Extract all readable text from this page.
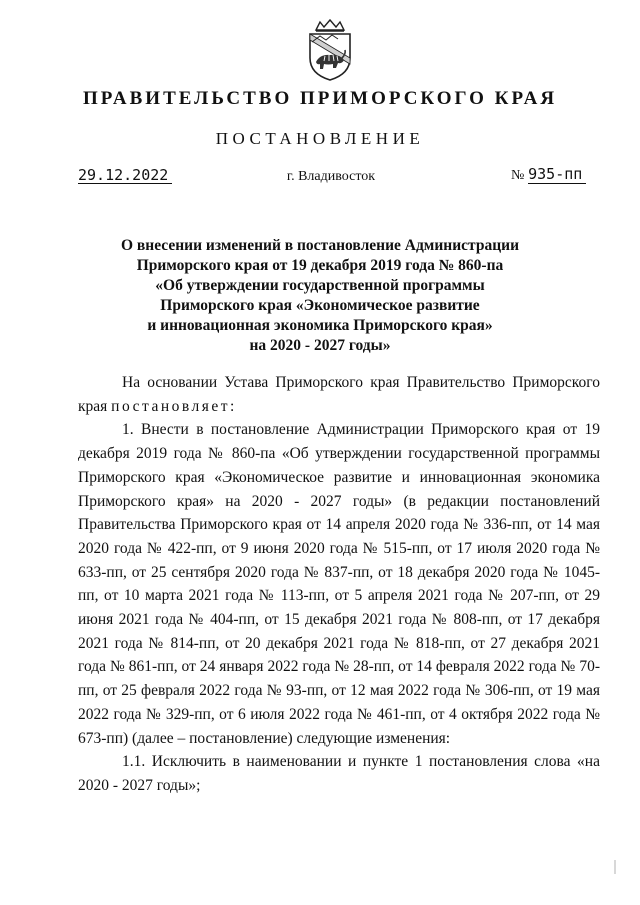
ПРАВИТЕЛЬСТВО ПРИМОРСКОГО КРАЯ
ПОСТАНОВЛЕНИЕ
29.12.2022	г. Владивосток	№ 935-пп
О внесении изменений в постановление Администрации
Приморского края от 19 декабря 2019 года № 860-па
«Об утверждении государственной программы
Приморского края «Экономическое развитие
и инновационная экономика Приморского края»
на 2020 - 2027 годы»

На основании Устава Приморского края Правительство Приморского края постановляет:

1. Внести в постановление Администрации Приморского края от 19 декабря 2019 года № 860-па «Об утверждении государственной программы Приморского края «Экономическое развитие и инновационная экономика Приморского края» на 2020 - 2027 годы» (в редакции постановлений Правительства Приморского края от 14 апреля 2020 года № 336-пп, от 14 мая 2020 года № 422-пп, от 9 июня 2020 года № 515-пп, от 17 июля 2020 года № 633-пп, от 25 сентября 2020 года № 837-пп, от 18 декабря 2020 года № 1045-пп, от 10 марта 2021 года № 113-пп, от 5 апреля 2021 года № 207-пп, от 29 июня 2021 года № 404-пп, от 15 декабря 2021 года № 808-пп, от 17 декабря 2021 года № 814-пп, от 20 декабря 2021 года № 818-пп, от 27 декабря 2021 года № 861-пп, от 24 января 2022 года № 28-пп, от 14 февраля 2022 года № 70-пп, от 25 февраля 2022 года № 93-пп, от 12 мая 2022 года № 306-пп, от 19 мая 2022 года № 329-пп, от 6 июля 2022 года № 461-пп, от 4 октября 2022 года № 673-пп) (далее – постановление) следующие изменения:

1.1. Исключить в наименовании и пункте 1 постановления слова «на 2020 - 2027 годы»;
